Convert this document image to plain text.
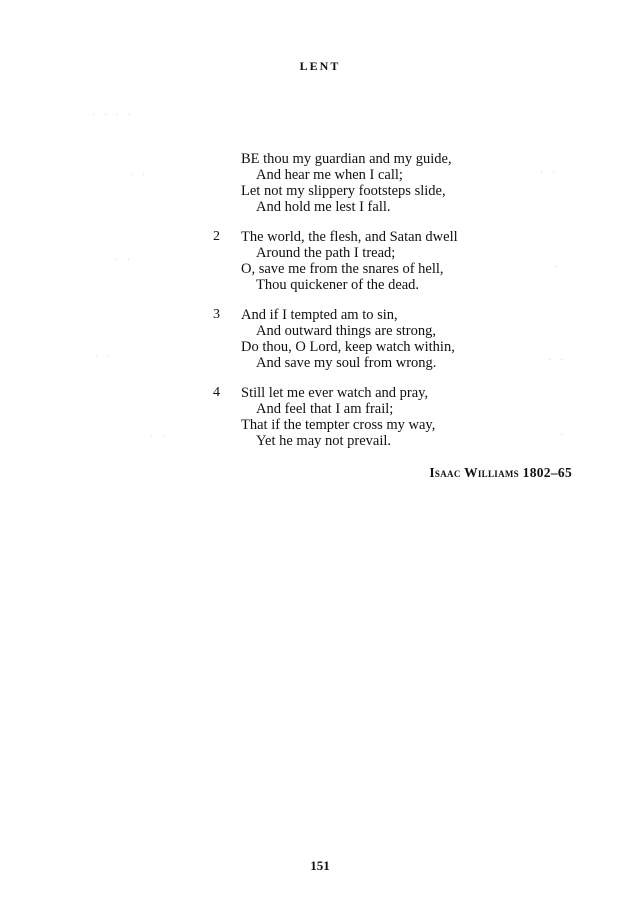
LENT
· · · ·
· ·	· ·
· ·
·
· ·	· ·
· ·	·
BE thou my guardian and my guide,
And hear me when I call;
Let not my slippery footsteps slide,
And hold me lest I fall.
2	The world, the flesh, and Satan dwell
Around the path I tread;
O, save me from the snares of hell,
Thou quickener of the dead.
3	And if I tempted am to sin,
And outward things are strong,
Do thou, O Lord, keep watch within,
And save my soul from wrong.
4	Still let me ever watch and pray,
And feel that I am frail;
That if the tempter cross my way,
Yet he may not prevail.
Isaac Williams 1802–65
151
